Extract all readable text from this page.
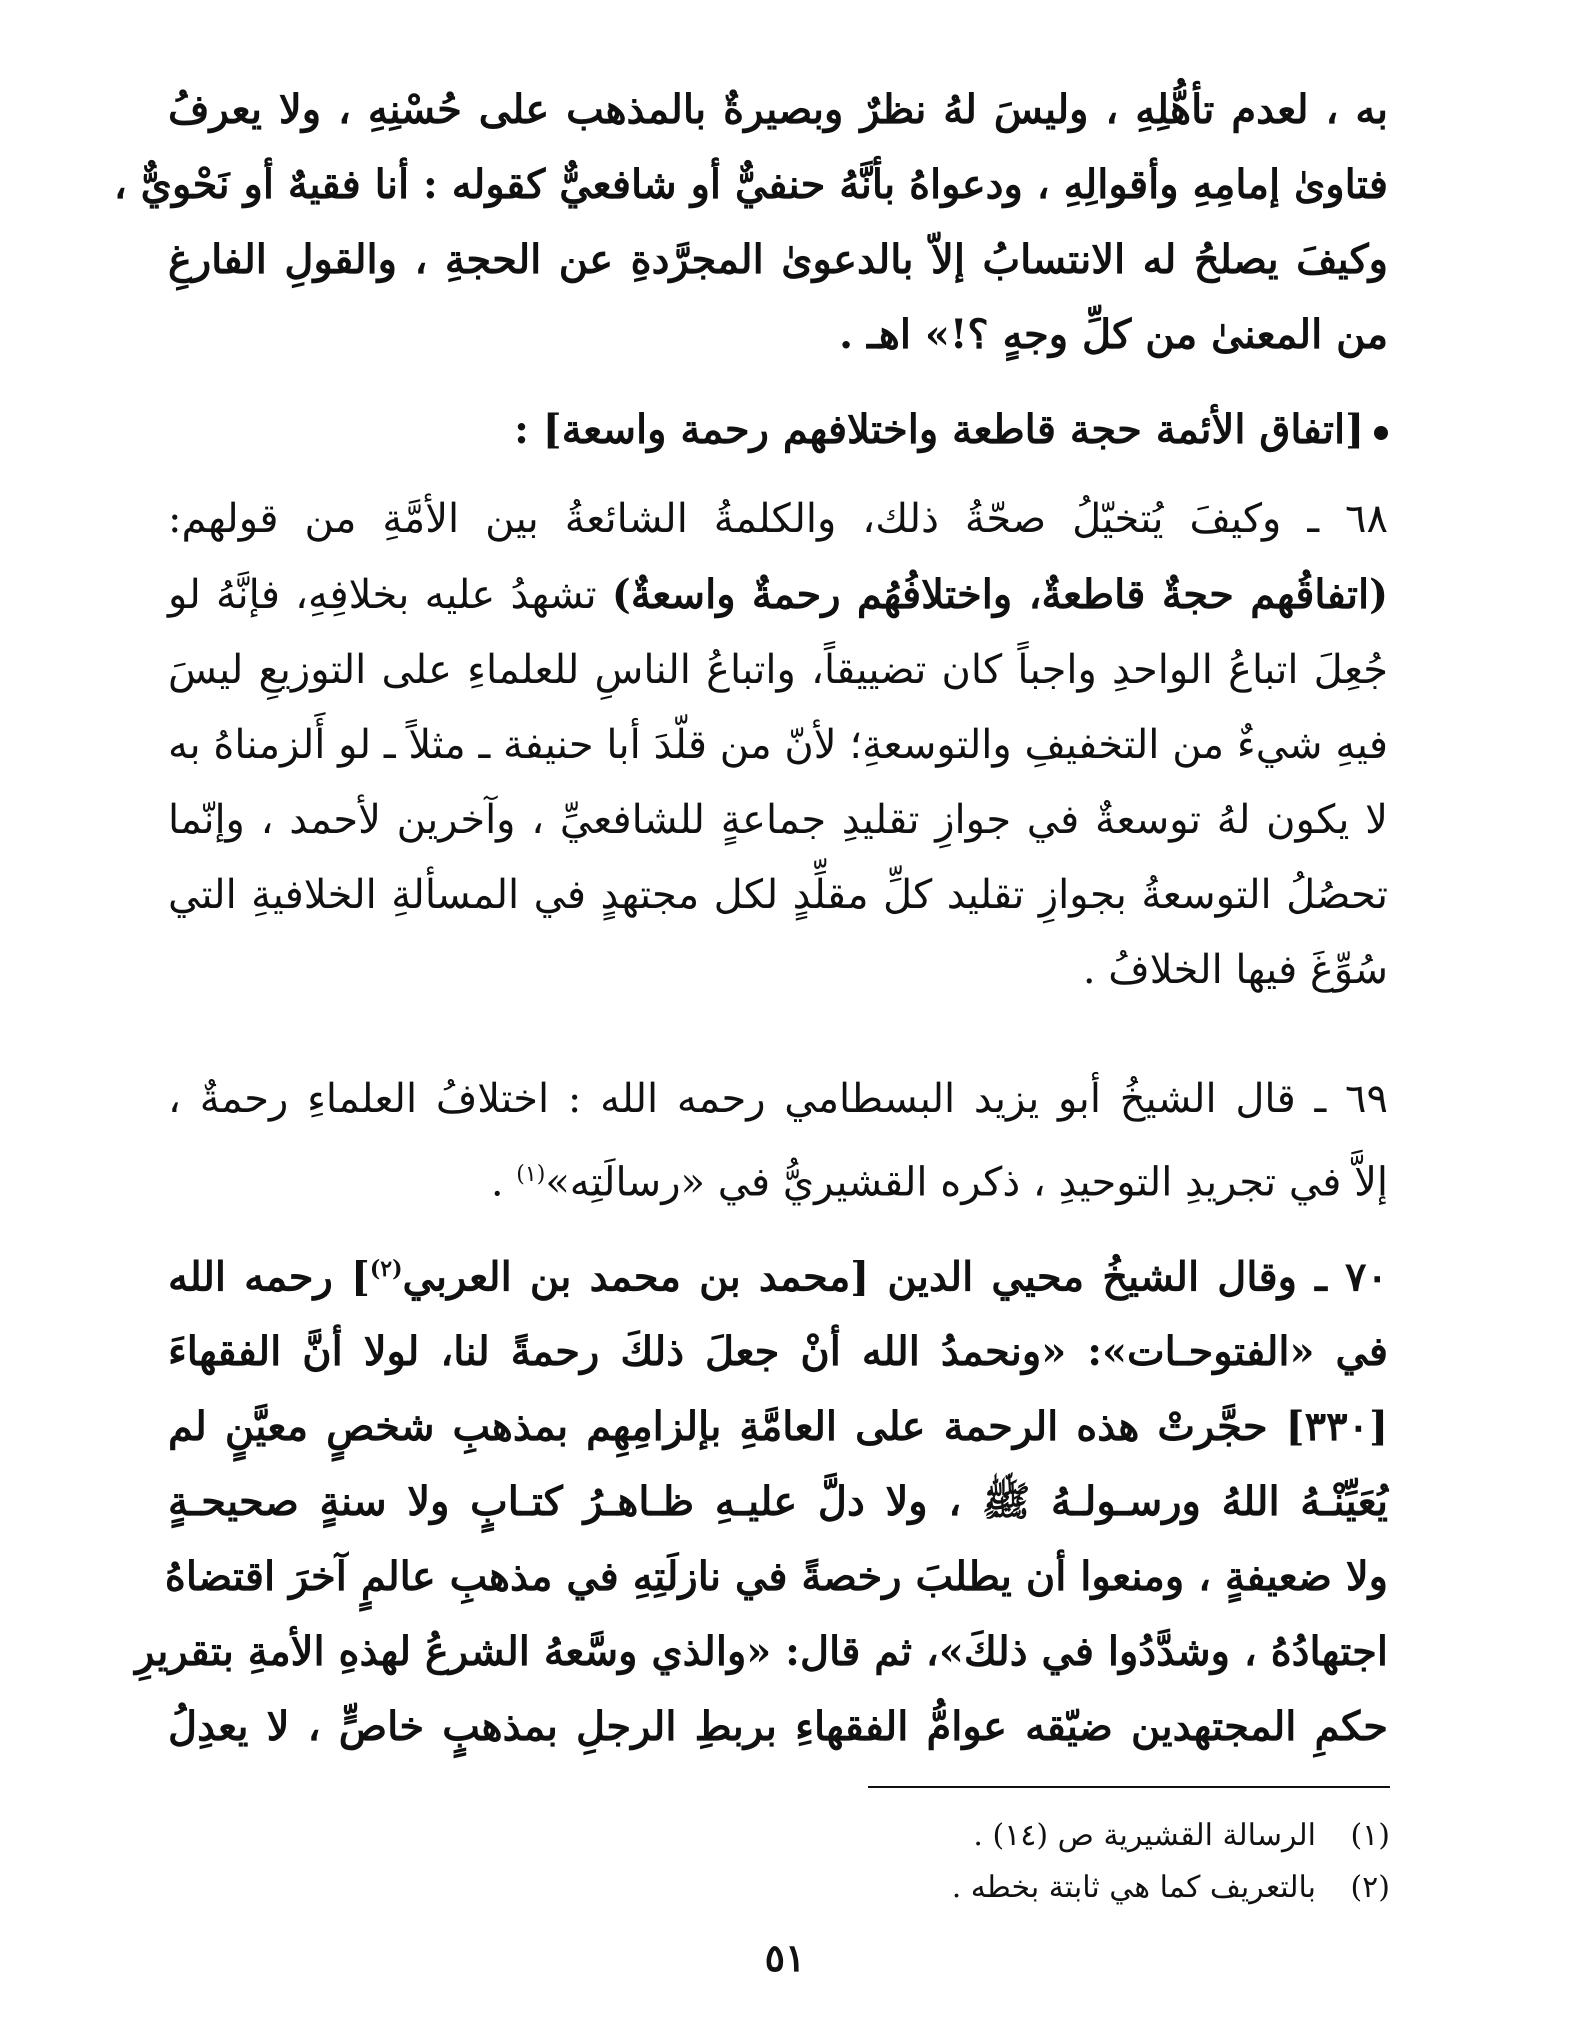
به ، لعدم تأهُّلِهِ ، وليسَ لهُ نظرٌ وبصيرةٌ بالمذهب على حُسْنِهِ ، ولا يعرفُ
فتاوىٰ إمامِهِ وأقوالِهِ ، ودعواهُ بأنَّهُ حنفيٌّ أو شافعيٌّ كقوله : أنا فقيهٌ أو نَحْويٌّ ،
وكيفَ يصلحُ له الانتسابُ إلاّ بالدعوىٰ المجرَّدةِ عن الحجةِ ، والقولِ الفارغِ
من المعنىٰ من كلِّ وجهٍ ؟!» اهـ .
[اتفاق الأئمة حجة قاطعة واختلافهم رحمة واسعة] :
٦٨ ـ وكيفَ يُتخيّلُ صحّةُ ذلك، والكلمةُ الشائعةُ بين الأمَّةِ من قولهم:
(اتفاقُهم حجةٌ قاطعةٌ، واختلافُهُم رحمةٌ واسعةٌ) تشهدُ عليه بخلافِهِ، فإنَّهُ لو
جُعِلَ اتباعُ الواحدِ واجباً كان تضييقاً، واتباعُ الناسِ للعلماءِ على التوزيعِ ليسَ
فيهِ شيءٌ من التخفيفِ والتوسعةِ؛ لأنّ من قلّدَ أبا حنيفة ـ مثلاً ـ لو أَلزمناهُ به
لا يكون لهُ توسعةٌ في جوازِ تقليدِ جماعةٍ للشافعيِّ ، وآخرين لأحمد ، وإنّما
تحصُلُ التوسعةُ بجوازِ تقليد كلِّ مقلِّدٍ لكل مجتهدٍ في المسألةِ الخلافيةِ التي
سُوِّغَ فيها الخلافُ .
٦٩ ـ قال الشيخُ أبو يزيد البسطامي رحمه الله : اختلافُ العلماءِ رحمةٌ ،
إلاَّ في تجريدِ التوحيدِ ، ذكره القشيريُّ في «رسالَتِه»$^{(١)}$ .
٧٠ ـ وقال الشيخُ محيي الدين [محمد بن محمد بن العربي$^{(٢)}$] رحمه الله
في «الفتوحـات»: «ونحمدُ الله أنْ جعلَ ذلكَ رحمةً لنا، لولا أنَّ الفقهاءَ
[٣٣٠] حجَّرتْ هذه الرحمة على العامَّةِ بإلزامِهِم بمذهبِ شخصٍ معيَّنٍ لم
يُعَيِّنْـهُ اللهُ ورسـولـهُ ﷺ ، ولا دلَّ عليـهِ ظـاهـرُ كتـابٍ ولا سنةٍ صحيحـةٍ
ولا ضعيفةٍ ، ومنعوا أن يطلبَ رخصةً في نازلَتِهِ في مذهبِ عالمٍ آخرَ اقتضاهُ
اجتهادُهُ ، وشدَّدُوا في ذلكَ»، ثم قال: «والذي وسَّعهُ الشرعُ لهذهِ الأمةِ بتقريرِ
حكمِ المجتهدين ضيّقه عوامُّ الفقهاءِ بربطِ الرجلِ بمذهبٍ خاصٍّ ، لا يعدِلُ
(١)الرسالة القشيرية ص (١٤) .
(٢)بالتعريف كما هي ثابتة بخطه .
٥١
